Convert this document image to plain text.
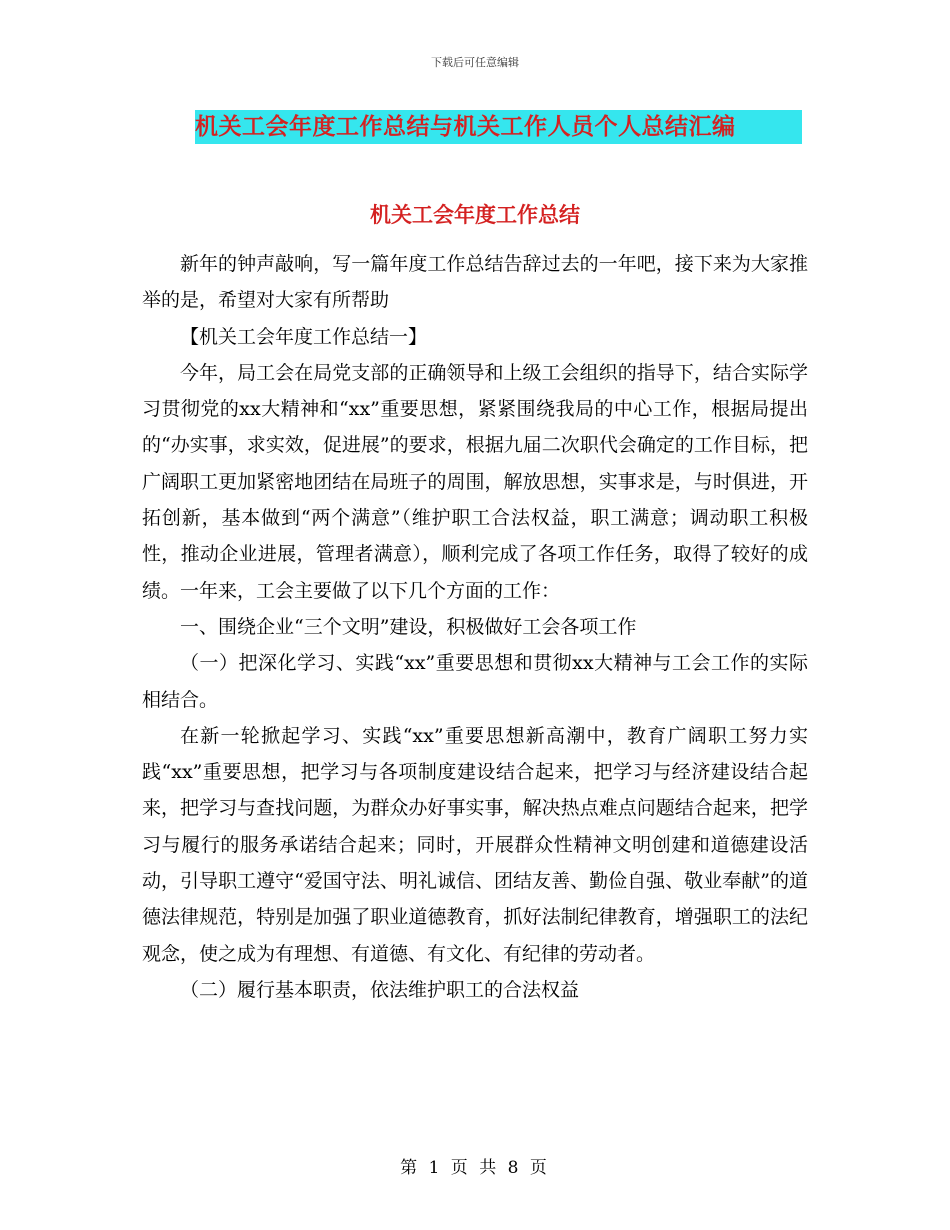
下载后可任意编辑
机关工会年度工作总结与机关工作人员个人总结汇编
机关工会年度工作总结

新年的钟声敲响，写一篇年度工作总结告辞过去的一年吧，接下来为大家推举的是，希望对大家有所帮助

【机关工会年度工作总结一】

今年，局工会在局党支部的正确领导和上级工会组织的指导下，结合实际学习贯彻党的xx大精神和“xx”重要思想，紧紧围绕我局的中心工作，根据局提出的“办实事，求实效，促进展”的要求，根据九届二次职代会确定的工作目标，把广阔职工更加紧密地团结在局班子的周围，解放思想，实事求是，与时俱进，开拓创新，基本做到“两个满意”（维护职工合法权益，职工满意；调动职工积极性，推动企业进展，管理者满意），顺利完成了各项工作任务，取得了较好的成绩。一年来，工会主要做了以下几个方面的工作：

一、围绕企业“三个文明”建设，积极做好工会各项工作

（一）把深化学习、实践“xx”重要思想和贯彻xx大精神与工会工作的实际相结合。

在新一轮掀起学习、实践“xx”重要思想新高潮中，教育广阔职工努力实践“xx”重要思想，把学习与各项制度建设结合起来，把学习与经济建设结合起来，把学习与查找问题，为群众办好事实事，解决热点难点问题结合起来，把学习与履行的服务承诺结合起来；同时，开展群众性精神文明创建和道德建设活动，引导职工遵守“爱国守法、明礼诚信、团结友善、勤俭自强、敬业奉献”的道德法律规范，特别是加强了职业道德教育，抓好法制纪律教育，增强职工的法纪观念，使之成为有理想、有道德、有文化、有纪律的劳动者。

（二）履行基本职责，依法维护职工的合法权益

第 1 页 共 8 页
